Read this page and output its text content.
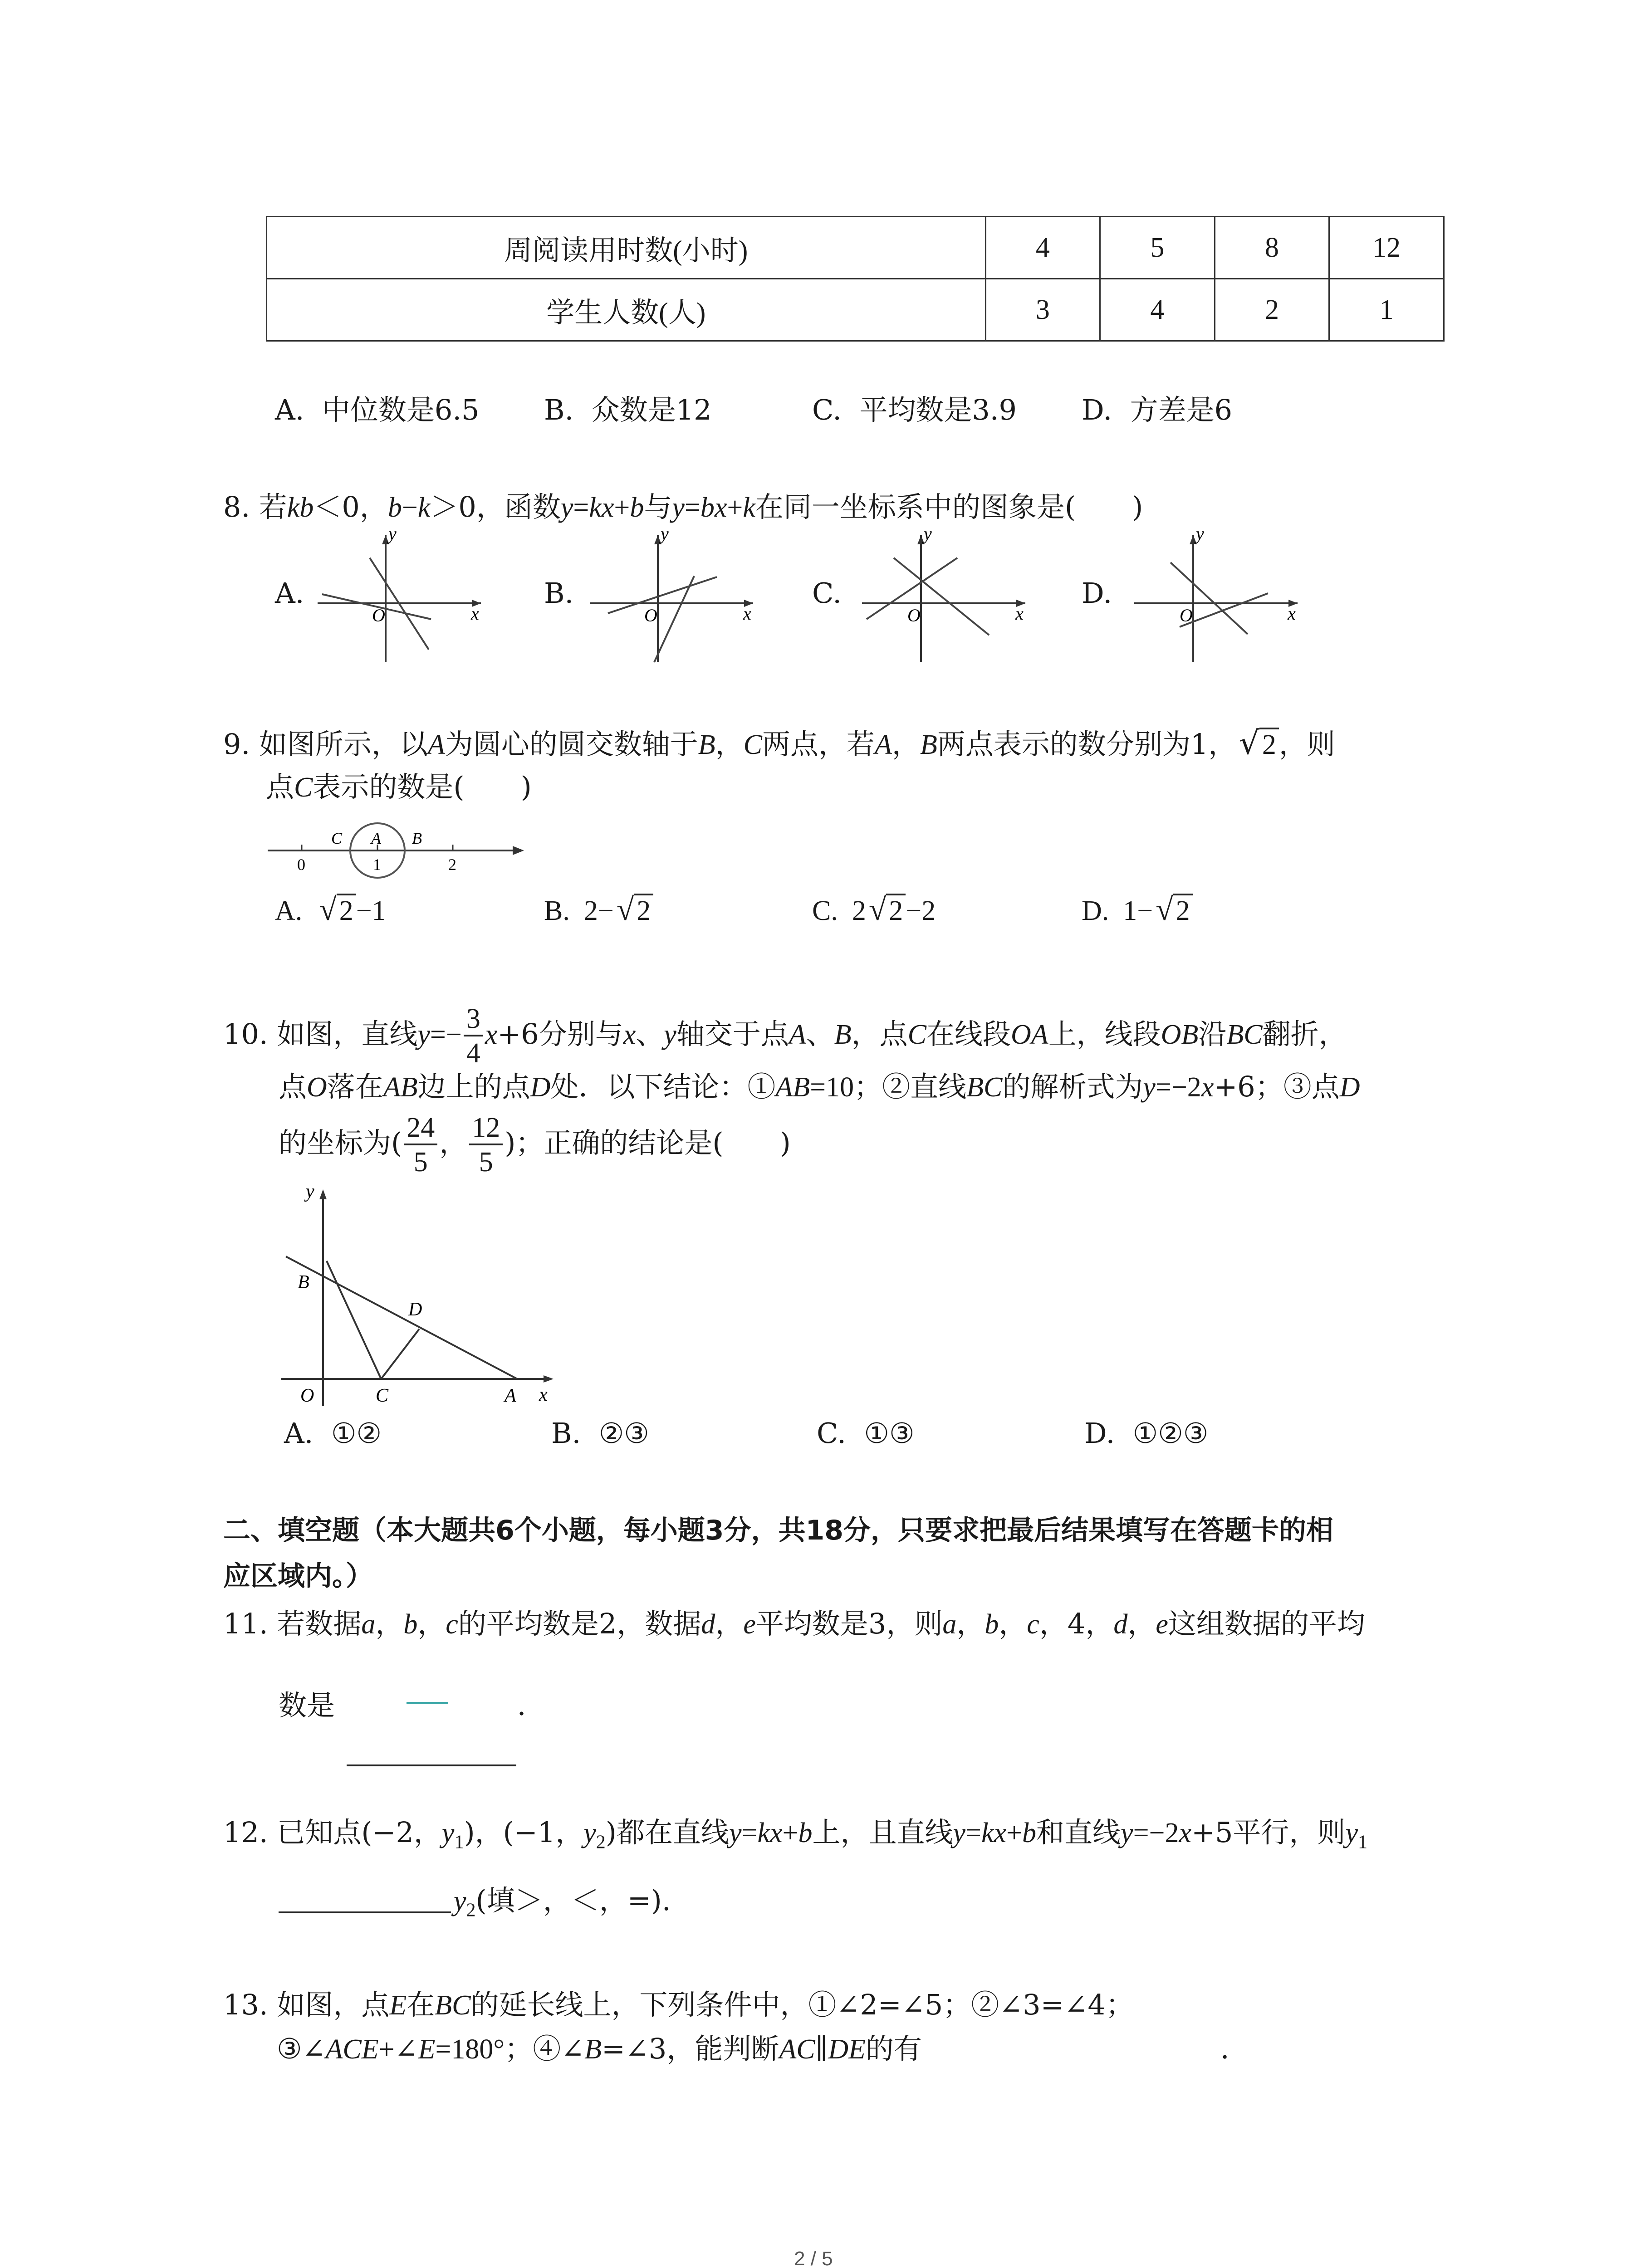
周阅读用时数(小时)	4	5	8	12
学生人数(人)	3	4	2	1
A. 中位数是6.5 B. 众数是12	C. 平均数是3.9 D. 方差是6
8. 若kb＜0，b−k＞0，函数y=kx+b与y=bx+k在同一坐标系中的图象是(　　)
A.	B.	C.	D.
y
x
O
y
x
O
y
x
O
y
x
O
9. 如图所示，以A为圆心的圆交数轴于B，C两点，若A，B两点表示的数分别为1，√2，则
点C表示的数是(　　)
C A B
0	1	2
A. √2−1	B. 2−√2	C. 2√2−2	D. 1−√2
10. 如图，直线$y=- \frac{3}{4} x+6$分别与x、y轴交于点A、B，点C在线段OA上，线段OB沿BC翻折，
点O落在AB边上的点D处．以下结论：①AB=10；②直线BC的解析式为y=−2x+6；③点D
的坐标为( $\frac{24}{5}$ ， $\frac{12}{5}$ )；正确的结论是(　　)
y
x
B
D
O	C	A
A. ①②	B. ②③	C. ①③	D. ①②③
二、填空题（本大题共6个小题，每小题3分，共18分，只要求把最后结果填写在答题卡的相
应区域内。）
11. 若数据a，b，c的平均数是2，数据d，e平均数是3，则a，b，c，4，d，e这组数据的平均
数是	．
12. 已知点(−2，$y_1$)，(−1，$y_2$)都在直线y=kx+b上，且直线y=kx+b和直线y=−2x+5平行，则$y_1$
$y_2$(填＞，＜，=).
13. 如图，点E在BC的延长线上，下列条件中，①∠2=∠5；②∠3=∠4；
③∠ACE+∠E=180°；④∠B=∠3，能判断AC∥DE的有	．
2 / 5
